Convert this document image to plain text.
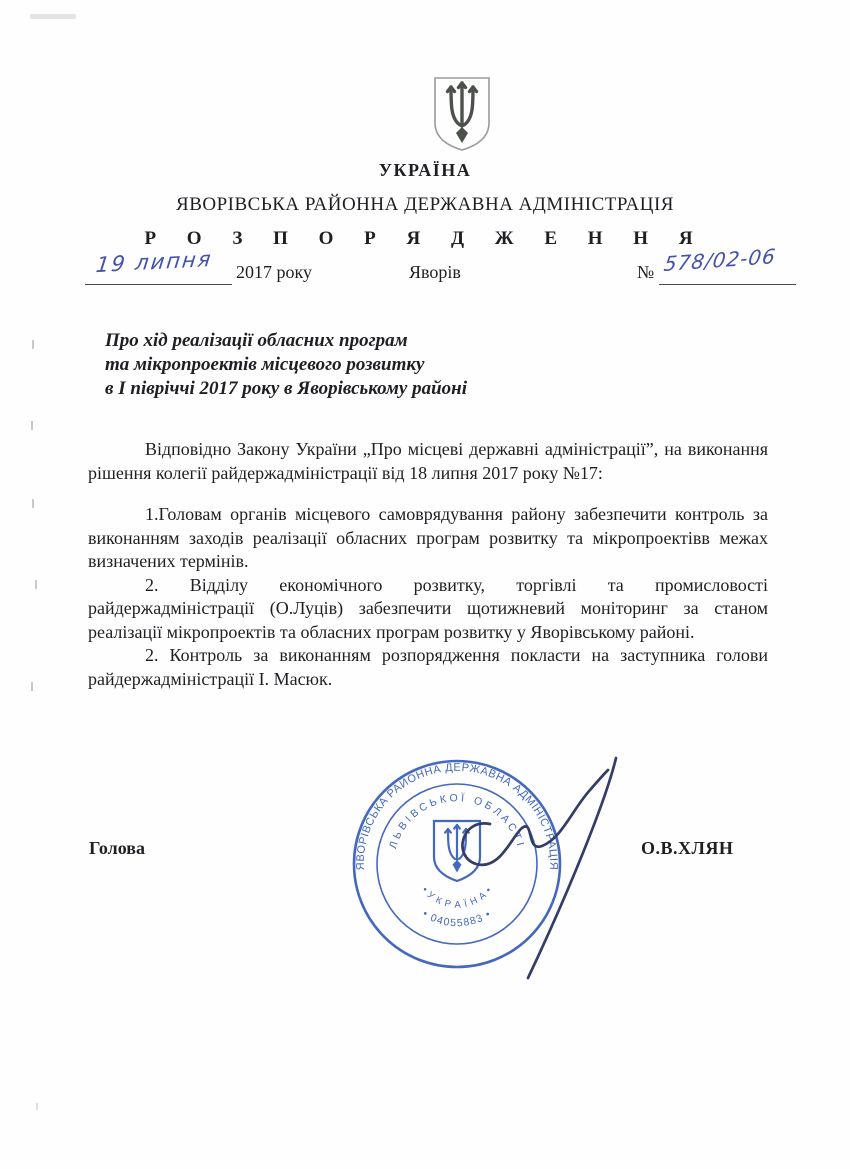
УКРАЇНА
ЯВОРІВСЬКА РАЙОННА ДЕРЖАВНА АДМІНІСТРАЦІЯ
Р О З П О Р Я Д Ж Е Н Н Я
19 липня 2017 року	Яворів	№ 578/02-06
Про хід реалізації обласних програм
та мікропроектів місцевого розвитку
в І півріччі 2017 року в Яворівському районі

Відповідно Закону України „Про місцеві державні адміністрації”, на виконання рішення колегії райдержадміністрації від 18 липня 2017 року №17:

1.Головам органів місцевого самоврядування району забезпечити контроль за виконанням заходів реалізації обласних програм розвитку та мікропроектівв межах визначених термінів.

2. Відділу економічного розвитку, торгівлі та промисловості райдержадміністрації (О.Луців) забезпечити щотижневий моніторинг за станом реалізації мікропроектів та обласних програм розвитку у Яворівському районі.

2. Контроль за виконанням розпорядження покласти на заступника голови райдержадміністрації І. Масюк.

Голова	О.В.ХЛЯН
ЯВОРІВСЬКА РАЙОННА ДЕРЖАВНА АДМІНІСТРАЦІЯ
ЛЬВІВСЬКОЇ ОБЛАСТІ
• 04055883 •
• У К Р А Ї Н А •
